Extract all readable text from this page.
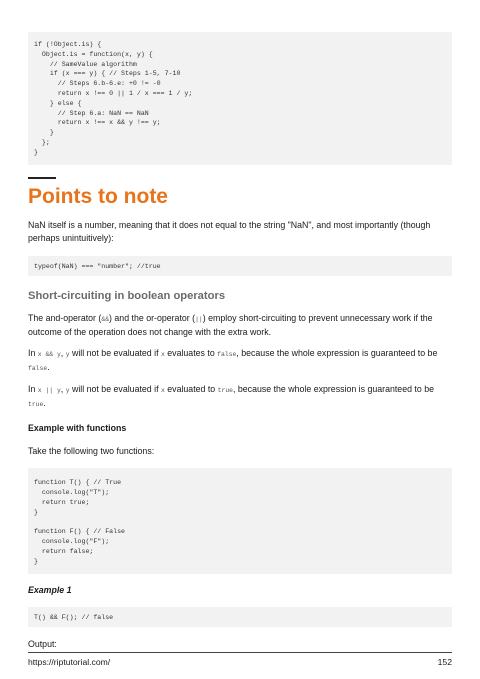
if (!Object.is) {
Object.is = function(x, y) {
// SameValue algorithm
if (x === y) { // Steps 1-5, 7-10
// Steps 6.b-6.e: +0 != -0
return x !== 0 || 1 / x === 1 / y;
} else {
// Step 6.a: NaN == NaN
return x !== x && y !== y;
}
};
}
Points to note

NaN itself is a number, meaning that it does not equal to the string "NaN", and most importantly (though perhaps unintuitively):

typeof(NaN) === "number"; //true
Short-circuiting in boolean operators

The and-operator (&&) and the or-operator (||) employ short-circuiting to prevent unnecessary work if the outcome of the operation does not change with the extra work.

In x && y, y will not be evaluated if x evaluates to false, because the whole expression is guaranteed to be false.

In x || y, y will not be evaluated if x evaluated to true, because the whole expression is guaranteed to be true.

Example with functions

Take the following two functions:

function T() { // True
console.log("T");
return true;
}

function F() { // False
console.log("F");
return false;
}
Example 1
T() && F(); // false

Output:

https://riptutorial.com/	152
